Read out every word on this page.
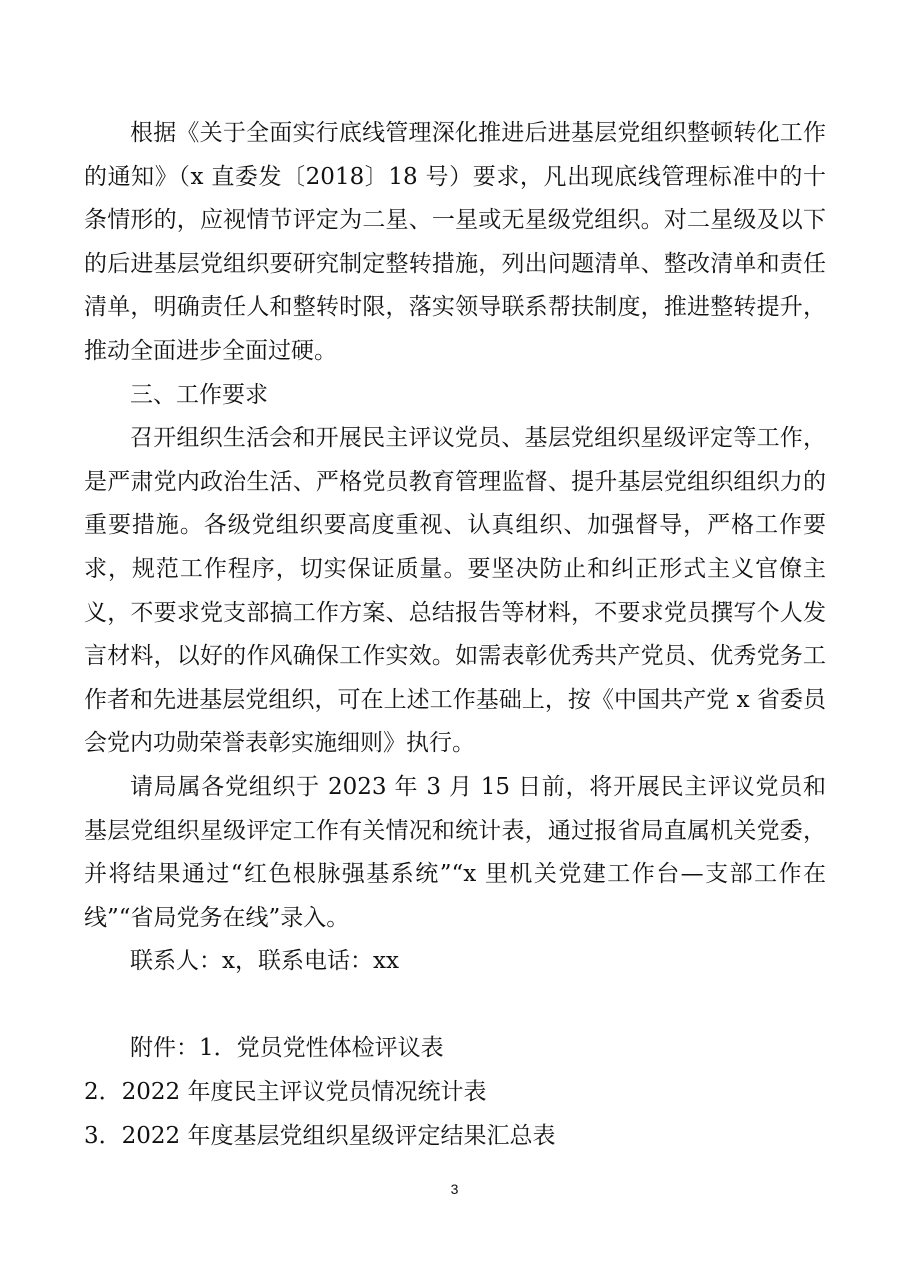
根据《关于全面实行底线管理深化推进后进基层党组织整顿转化工作的通知》（x 直委发〔2018〕18 号）要求，凡出现底线管理标准中的十条情形的，应视情节评定为二星、一星或无星级党组织。对二星级及以下的后进基层党组织要研究制定整转措施，列出问题清单、整改清单和责任清单，明确责任人和整转时限，落实领导联系帮扶制度，推进整转提升，推动全面进步全面过硬。

三、工作要求

召开组织生活会和开展民主评议党员、基层党组织星级评定等工作，是严肃党内政治生活、严格党员教育管理监督、提升基层党组织组织力的重要措施。各级党组织要高度重视、认真组织、加强督导，严格工作要求，规范工作程序，切实保证质量。要坚决防止和纠正形式主义官僚主义，不要求党支部搞工作方案、总结报告等材料，不要求党员撰写个人发言材料，以好的作风确保工作实效。如需表彰优秀共产党员、优秀党务工作者和先进基层党组织，可在上述工作基础上，按《中国共产党 x 省委员会党内功勋荣誉表彰实施细则》执行。

请局属各党组织于 2023 年 3 月 15 日前，将开展民主评议党员和基层党组织星级评定工作有关情况和统计表，通过报省局直属机关党委，并将结果通过“红色根脉强基系统”“x 里机关党建工作台—支部工作在线”“省局党务在线”录入。

联系人：x，联系电话：xx

附件：1．党员党性体检评议表

2．2022 年度民主评议党员情况统计表

3．2022 年度基层党组织星级评定结果汇总表

3
